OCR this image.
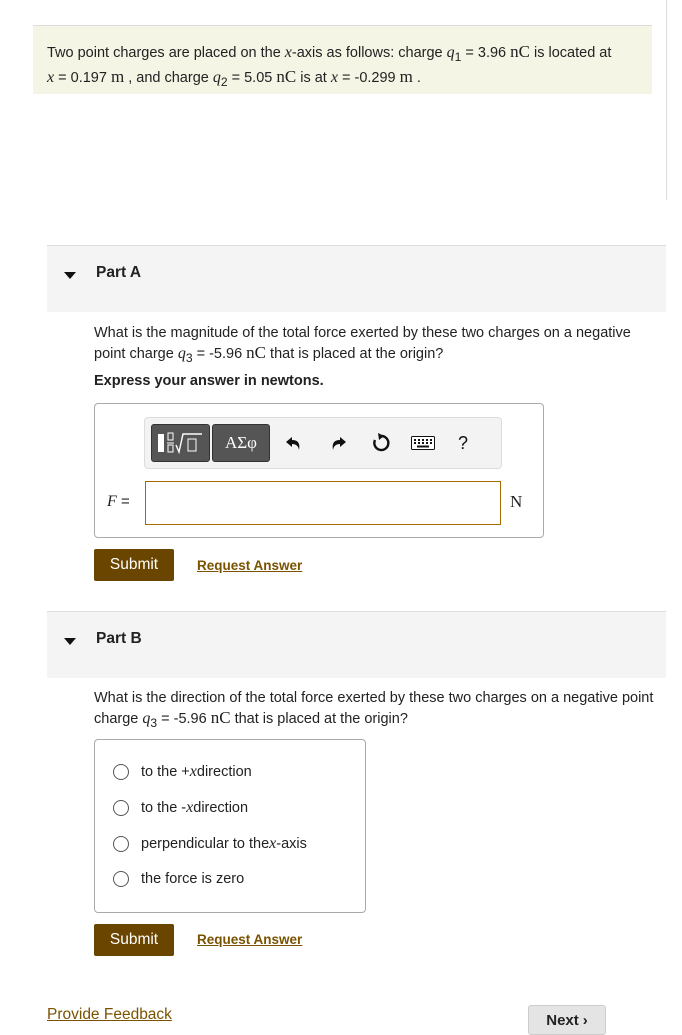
Two point charges are placed on the x-axis as follows: charge $q_1 = 3.96$ nC is located at
x = 0.197 m , and charge $q_2 = 5.05$ nC is at x = -0.299 m .

Part A

What is the magnitude of the total force exerted by these two charges on a negative point charge $q_3 = -5.96$ nC that is placed at the origin?

Express your answer in newtons.
ΑΣφ	?
F =	N
Submit	Request Answer
Part B

What is the direction of the total force exerted by these two charges on a negative point charge $q_3 = -5.96$ nC that is placed at the origin?

to the + x direction
to the - x direction
perpendicular to the x -axis
the force is zero
Submit	Request Answer
Provide Feedback	Next ›
